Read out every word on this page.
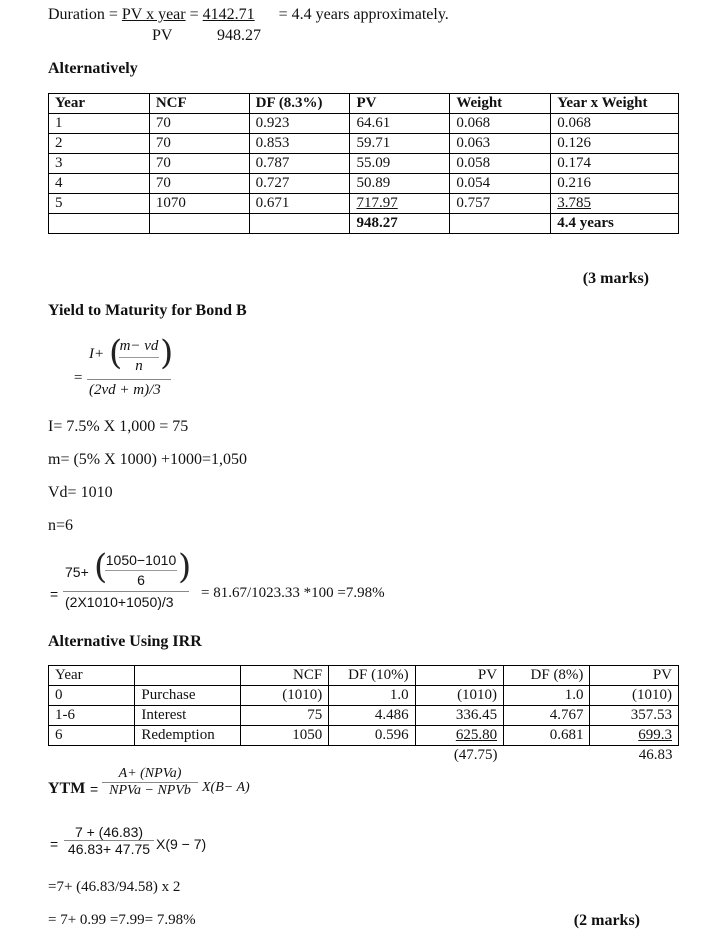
Duration = PV x year = 4142.71 = 4.4 years approximately.
PV	948.27
Alternatively
Year	NCF	DF (8.3%)	PV	Weight	Year x Weight
1	70	0.923	64.61	0.068	0.068
2	70	0.853	59.71	0.063	0.126
3	70	0.787	55.09	0.058	0.174
4	70	0.727	50.89	0.054	0.216
5	1070	0.671	717.97	0.757	3.785
			948.27		4.4 years
(3 marks)
Yield to Maturity for Bond B
=
I+ (
m− vd
n )
(2vd + m)/3
I= 7.5% X 1,000 = 75
m= (5% X 1000) +1000=1,050
Vd= 1010
n=6
=
75+ (
1050−1010
6 )
(2X1010+1050)/3
= 81.67/1023.33 *100 =7.98%
Alternative Using IRR
Year		NCF	DF (10%)	PV	DF (8%)	PV
0	Purchase	(1010)	1.0	(1010)	1.0	(1010)
1-6	Interest	75	4.486	336.45	4.767	357.53
6	Redemption	1050	0.596	625.80	0.681	699.3
				(47.75)		46.83
YTM =
A+ (NPVa)
NPVa − NPVb X(B− A)
=
7 + (46.83)
46.83+ 47.75 X(9 − 7)
=7+ (46.83/94.58) x 2
= 7+ 0.99 =7.99= 7.98%	(2 marks)
